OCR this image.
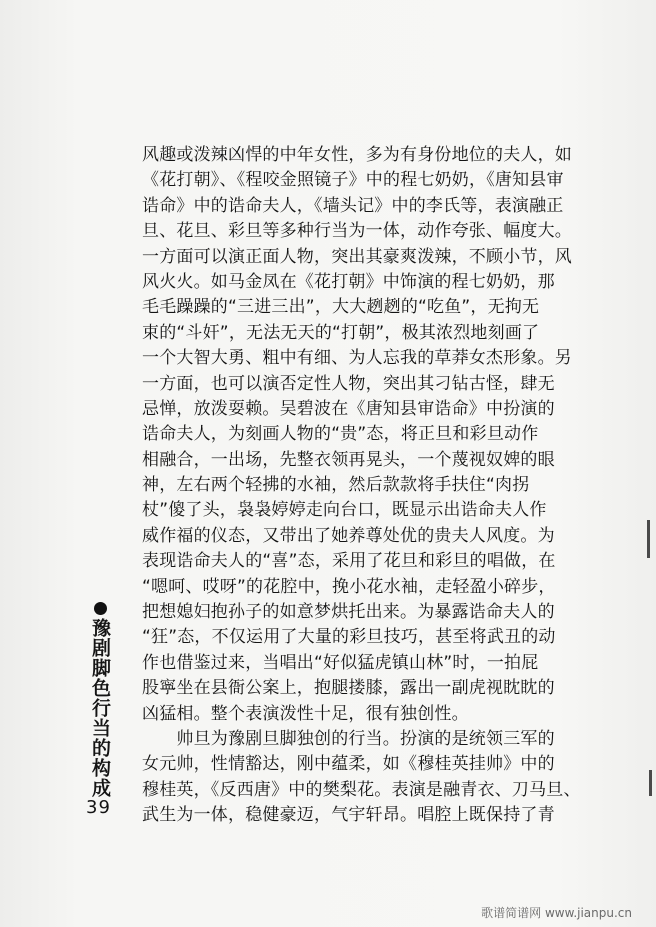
风趣或泼辣凶悍的中年女性，多为有身份地位的夫人，如
《花打朝》、《程咬金照镜子》中的程七奶奶，《唐知县审
诰命》中的诰命夫人，《墙头记》中的李氏等，表演融正
旦、花旦、彩旦等多种行当为一体，动作夸张、幅度大。
一方面可以演正面人物，突出其豪爽泼辣，不顾小节，风
风火火。如马金凤在《花打朝》中饰演的程七奶奶，那
毛毛躁躁的“三进三出”，大大趔趔的“吃鱼”，无拘无
束的“斗奸”，无法无天的“打朝”，极其浓烈地刻画了
一个大智大勇、粗中有细、为人忘我的草莽女杰形象。另
一方面，也可以演否定性人物，突出其刁钻古怪，肆无
忌惮，放泼耍赖。吴碧波在《唐知县审诰命》中扮演的
诰命夫人，为刻画人物的“贵”态，将正旦和彩旦动作
相融合，一出场，先整衣领再晃头，一个蔑视奴婢的眼
神，左右两个轻拂的水袖，然后款款将手扶住“肉拐
杖”傻了头，袅袅婷婷走向台口，既显示出诰命夫人作
威作福的仪态，又带出了她养尊处优的贵夫人风度。为
表现诰命夫人的“喜”态，采用了花旦和彩旦的唱做，在
“嗯呵、哎呀”的花腔中，挽小花水袖，走轻盈小碎步，
把想媳妇抱孙子的如意梦烘托出来。为暴露诰命夫人的
“狂”态，不仅运用了大量的彩旦技巧，甚至将武丑的动
作也借鉴过来，当唱出“好似猛虎镇山林”时，一拍屁
股寧坐在县衙公案上，抱腿搂膝，露出一副虎视眈眈的
凶猛相。整个表演泼性十足，很有独创性。
　　帅旦为豫剧旦脚独创的行当。扮演的是统领三军的
女元帅，性情豁达，刚中蕴柔，如《穆桂英挂帅》中的
穆桂英，《反西唐》中的樊梨花。表演是融青衣、刀马旦、
武生为一体，稳健豪迈，气宇轩昂。唱腔上既保持了青
豫剧脚色行当的构成
39
歌谱简谱网 www.jianpu.cn
